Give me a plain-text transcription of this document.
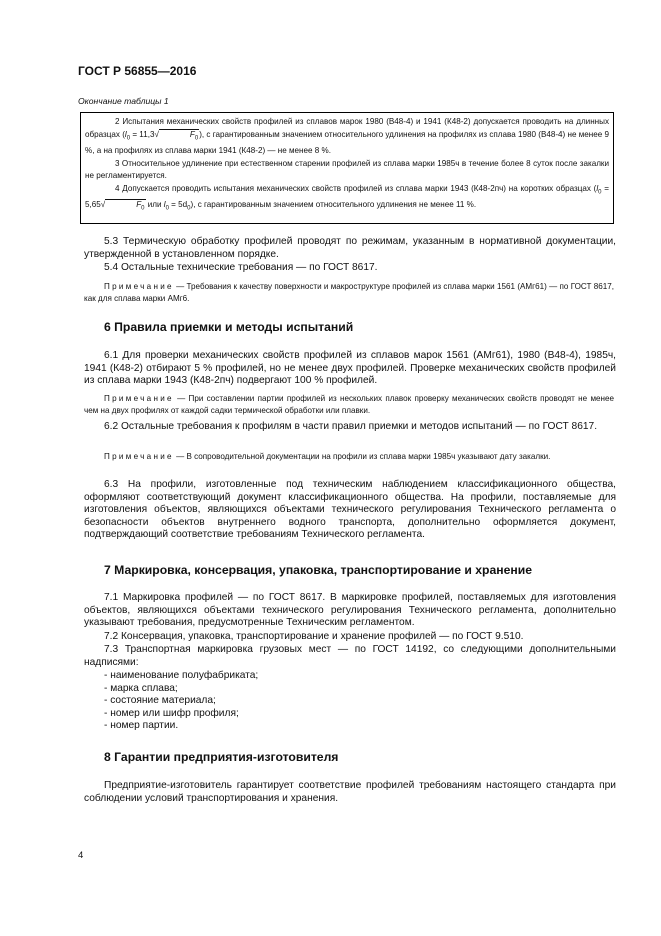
ГОСТ Р 56855—2016
Окончание таблицы 1

2 Испытания механических свойств профилей из сплавов марок 1980 (В48-4) и 1941 (К48-2) допускается проводить на длинных образцах ($l_0 = 11,3√$	$F_0$), с гарантированным значением относительного удлинения на профилях из сплава 1980 (В48-4) не менее 9 %, а на профилях из сплава марки 1941 (К48-2) — не менее 8 %.

3 Относительное удлинение при естественном старении профилей из сплава марки 1985ч в течение более 8 суток после закалки не регламентируется.

4 Допускается проводить испытания механических свойств профилей из сплава марки 1943 (К48-2пч) на коротких образцах ($l_0 = 5,65√$	$F_0$ или $l_0 = 5d_0$), с гарантированным значением относительного удлинения не менее 11 %.

5.3 Термическую обработку профилей проводят по режимам, указанным в нормативной документации, утвержденной в установленном порядке.

5.4 Остальные технические требования — по ГОСТ 8617.

Примечание — Требования к качеству поверхности и макроструктуре профилей из сплава марки 1561 (АМг61) — по ГОСТ 8617, как для сплава марки АМг6.

6 Правила приемки и методы испытаний

6.1 Для проверки механических свойств профилей из сплавов марок 1561 (АМг61), 1980 (В48-4), 1985ч, 1941 (К48-2) отбирают 5 % профилей, но не менее двух профилей. Проверке механических свойств профилей из сплава марки 1943 (К48-2пч) подвергают 100 % профилей.

Примечание — При составлении партии профилей из нескольких плавок проверку механических свойств проводят не менее чем на двух профилях от каждой садки термической обработки или плавки.

6.2 Остальные требования к профилям в части правил приемки и методов испытаний — по ГОСТ 8617.

Примечание — В сопроводительной документации на профили из сплава марки 1985ч указывают дату закалки.

6.3 На профили, изготовленные под техническим наблюдением классификационного общества, оформляют соответствующий документ классификационного общества. На профили, поставляемые для изготовления объектов, являющихся объектами технического регулирования Технического регламента о безопасности объектов внутреннего водного транспорта, дополнительно оформляется документ, подтверждающий соответствие требованиям Технического регламента.

7 Маркировка, консервация, упаковка, транспортирование и хранение

7.1 Маркировка профилей — по ГОСТ 8617. В маркировке профилей, поставляемых для изготовления объектов, являющихся объектами технического регулирования Технического регламента, дополнительно указывают требования, предусмотренные Техническим регламентом.

7.2 Консервация, упаковка, транспортирование и хранение профилей — по ГОСТ 9.510.

7.3 Транспортная маркировка грузовых мест — по ГОСТ 14192, со следующими дополнительными надписями:

- наименование полуфабриката;
- марка сплава;
- состояние материала;
- номер или шифр профиля;
- номер партии.
8 Гарантии предприятия-изготовителя

Предприятие-изготовитель гарантирует соответствие профилей требованиям настоящего стандарта при соблюдении условий транспортирования и хранения.

4
